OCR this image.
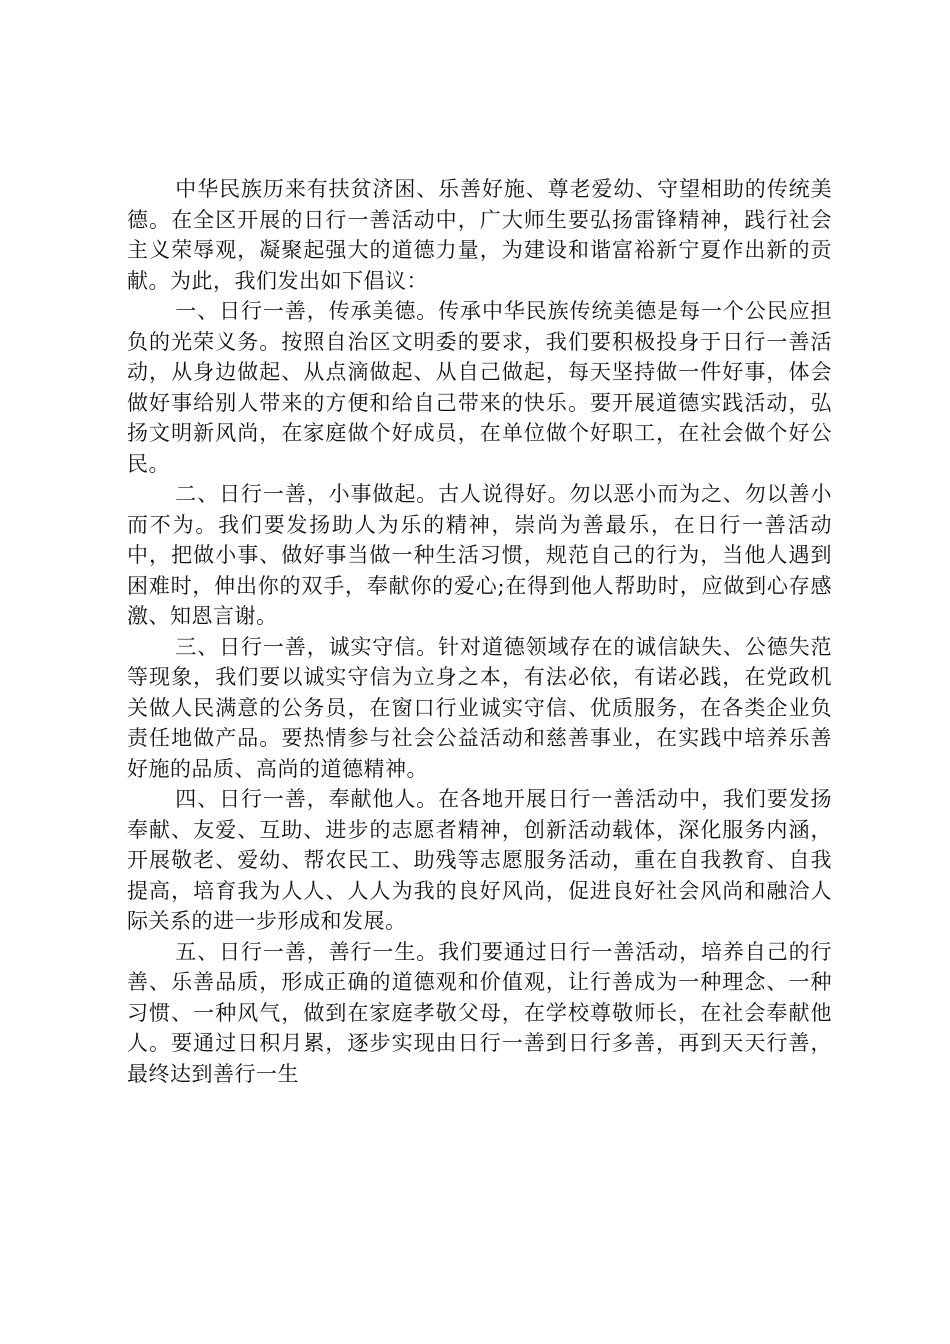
中华民族历来有扶贫济困、乐善好施、尊老爱幼、守望相助的传统美德。在全区开展的日行一善活动中，广大师生要弘扬雷锋精神，践行社会主义荣辱观，凝聚起强大的道德力量，为建设和谐富裕新宁夏作出新的贡献。为此，我们发出如下倡议：

一、日行一善，传承美德。传承中华民族传统美德是每一个公民应担负的光荣义务。按照自治区文明委的要求，我们要积极投身于日行一善活动，从身边做起、从点滴做起、从自己做起，每天坚持做一件好事，体会做好事给别人带来的方便和给自己带来的快乐。要开展道德实践活动，弘扬文明新风尚，在家庭做个好成员，在单位做个好职工，在社会做个好公民。

二、日行一善，小事做起。古人说得好。勿以恶小而为之、勿以善小而不为。我们要发扬助人为乐的精神，崇尚为善最乐，在日行一善活动中，把做小事、做好事当做一种生活习惯，规范自己的行为，当他人遇到困难时，伸出你的双手，奉献你的爱心;在得到他人帮助时，应做到心存感激、知恩言谢。

三、日行一善，诚实守信。针对道德领域存在的诚信缺失、公德失范等现象，我们要以诚实守信为立身之本，有法必依，有诺必践，在党政机关做人民满意的公务员，在窗口行业诚实守信、优质服务，在各类企业负责任地做产品。要热情参与社会公益活动和慈善事业，在实践中培养乐善好施的品质、高尚的道德精神。

四、日行一善，奉献他人。在各地开展日行一善活动中，我们要发扬奉献、友爱、互助、进步的志愿者精神，创新活动载体，深化服务内涵，开展敬老、爱幼、帮农民工、助残等志愿服务活动，重在自我教育、自我提高，培育我为人人、人人为我的良好风尚，促进良好社会风尚和融洽人际关系的进一步形成和发展。

五、日行一善，善行一生。我们要通过日行一善活动，培养自己的行善、乐善品质，形成正确的道德观和价值观，让行善成为一种理念、一种习惯、一种风气，做到在家庭孝敬父母，在学校尊敬师长，在社会奉献他人。要通过日积月累，逐步实现由日行一善到日行多善，再到天天行善，最终达到善行一生
